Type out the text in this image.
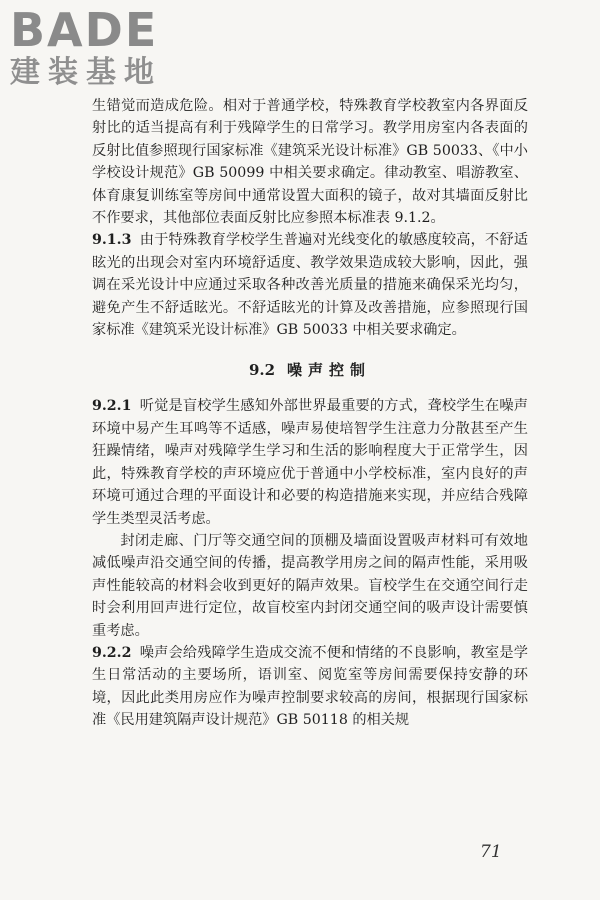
BADE
建装基地

生错觉而造成危险。相对于普通学校，特殊教育学校教室内各界面反射比的适当提高有利于残障学生的日常学习。教学用房室内各表面的反射比值参照现行国家标准《建筑采光设计标准》GB 50033、《中小学校设计规范》GB 50099 中相关要求确定。律动教室、唱游教室、体育康复训练室等房间中通常设置大面积的镜子，故对其墙面反射比不作要求，其他部位表面反射比应参照本标准表 9.1.2。

9.1.3 由于特殊教育学校学生普遍对光线变化的敏感度较高，不舒适眩光的出现会对室内环境舒适度、教学效果造成较大影响，因此，强调在采光设计中应通过采取各种改善光质量的措施来确保采光均匀，避免产生不舒适眩光。不舒适眩光的计算及改善措施，应参照现行国家标准《建筑采光设计标准》GB 50033 中相关要求确定。

9.2 噪声控制

9.2.1 听觉是盲校学生感知外部世界最重要的方式，聋校学生在噪声环境中易产生耳鸣等不适感，噪声易使培智学生注意力分散甚至产生狂躁情绪，噪声对残障学生学习和生活的影响程度大于正常学生，因此，特殊教育学校的声环境应优于普通中小学校标准，室内良好的声环境可通过合理的平面设计和必要的构造措施来实现，并应结合残障学生类型灵活考虑。

封闭走廊、门厅等交通空间的顶棚及墙面设置吸声材料可有效地减低噪声沿交通空间的传播，提高教学用房之间的隔声性能，采用吸声性能较高的材料会收到更好的隔声效果。盲校学生在交通空间行走时会利用回声进行定位，故盲校室内封闭交通空间的吸声设计需要慎重考虑。

9.2.2 噪声会给残障学生造成交流不便和情绪的不良影响，教室是学生日常活动的主要场所，语训室、阅览室等房间需要保持安静的环境，因此此类用房应作为噪声控制要求较高的房间，根据现行国家标准《民用建筑隔声设计规范》GB 50118 的相关规

71
